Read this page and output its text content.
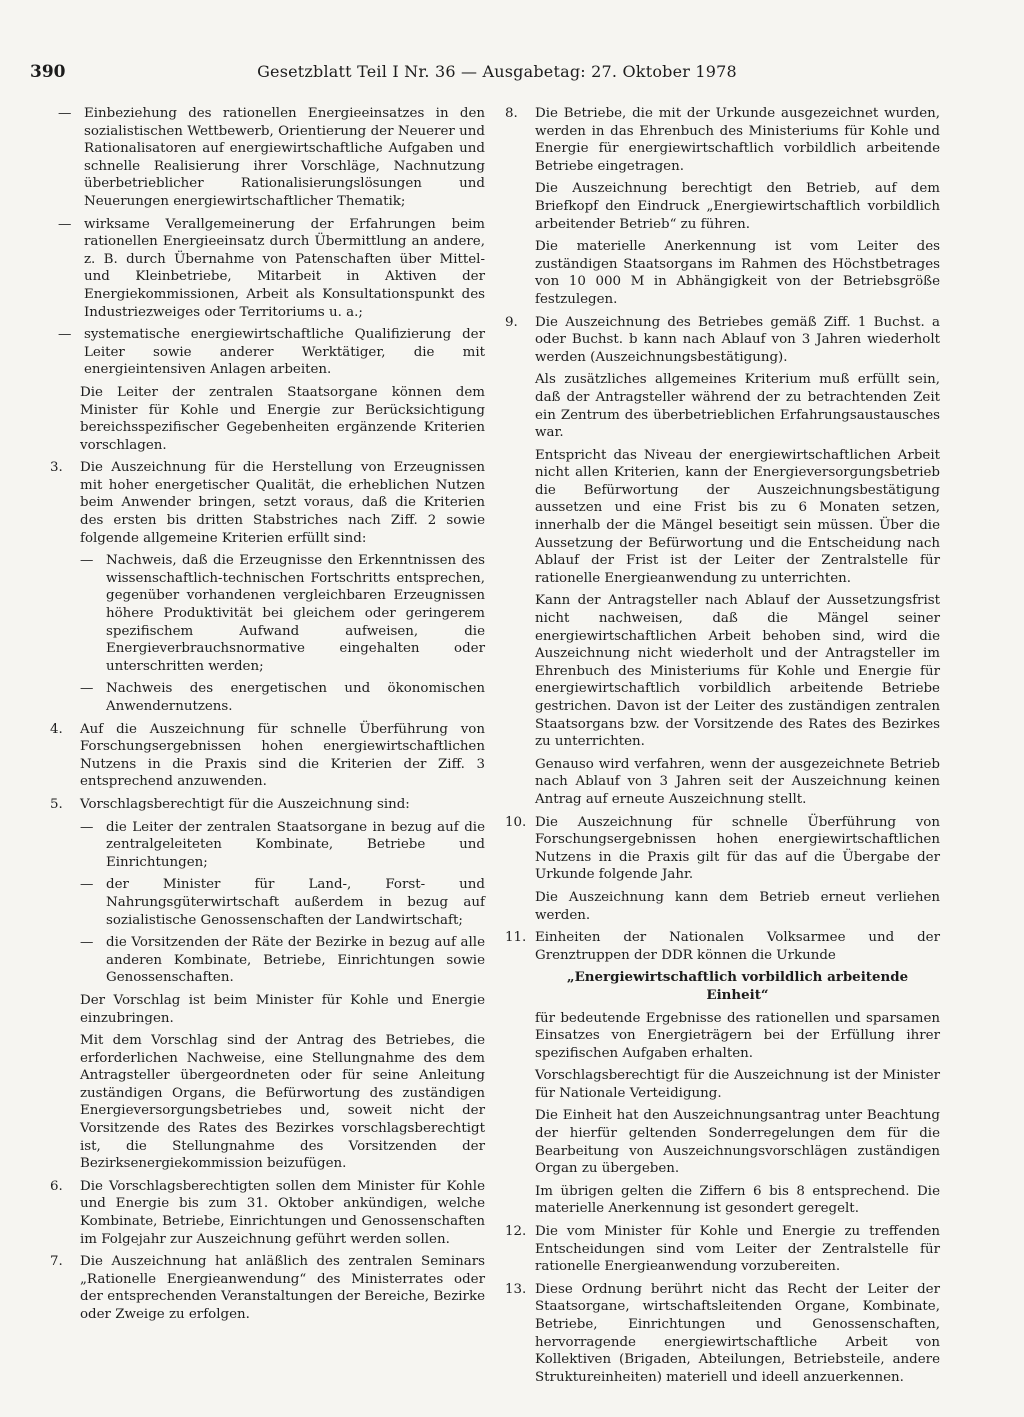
390	Gesetzblatt Teil I Nr. 36 — Ausgabetag: 27. Oktober 1978
— Einbeziehung des rationellen Energieeinsatzes in den sozialistischen Wettbewerb, Orientierung der Neuerer und Rationalisatoren auf energiewirtschaftliche Aufgaben und schnelle Realisierung ihrer Vorschläge, Nachnutzung überbetrieblicher Rationalisierungslösungen und Neuerungen energiewirtschaftlicher Thematik;
— wirksame Verallgemeinerung der Erfahrungen beim rationellen Energieeinsatz durch Übermittlung an andere, z. B. durch Übernahme von Patenschaften über Mittel- und Kleinbetriebe, Mitarbeit in Aktiven der Energiekommissionen, Arbeit als Konsultationspunkt des Industriezweiges oder Territoriums u. a.;
— systematische energiewirtschaftliche Qualifizierung der Leiter sowie anderer Werktätiger, die mit energieintensiven Anlagen arbeiten.
Die Leiter der zentralen Staatsorgane können dem Minister für Kohle und Energie zur Berücksichtigung bereichsspezifischer Gegebenheiten ergänzende Kriterien vorschlagen.
3. Die Auszeichnung für die Herstellung von Erzeugnissen mit hoher energetischer Qualität, die erheblichen Nutzen beim Anwender bringen, setzt voraus, daß die Kriterien des ersten bis dritten Stabstriches nach Ziff. 2 sowie folgende allgemeine Kriterien erfüllt sind:
— Nachweis, daß die Erzeugnisse den Erkenntnissen des wissenschaftlich-technischen Fortschritts entsprechen, gegenüber vorhandenen vergleichbaren Erzeugnissen höhere Produktivität bei gleichem oder geringerem spezifischem Aufwand aufweisen, die Energieverbrauchsnormative eingehalten oder unterschritten werden;
— Nachweis des energetischen und ökonomischen Anwendernutzens.
4. Auf die Auszeichnung für schnelle Überführung von Forschungsergebnissen hohen energiewirtschaftlichen Nutzens in die Praxis sind die Kriterien der Ziff. 3 entsprechend anzuwenden.
5. Vorschlagsberechtigt für die Auszeichnung sind:
— die Leiter der zentralen Staatsorgane in bezug auf die zentralgeleiteten Kombinate, Betriebe und Einrichtungen;
— der Minister für Land-, Forst- und Nahrungsgüterwirtschaft außerdem in bezug auf sozialistische Genossenschaften der Landwirtschaft;
— die Vorsitzenden der Räte der Bezirke in bezug auf alle anderen Kombinate, Betriebe, Einrichtungen sowie Genossenschaften.
Der Vorschlag ist beim Minister für Kohle und Energie einzubringen.
Mit dem Vorschlag sind der Antrag des Betriebes, die erforderlichen Nachweise, eine Stellungnahme des dem Antragsteller übergeordneten oder für seine Anleitung zuständigen Organs, die Befürwortung des zuständigen Energieversorgungsbetriebes und, soweit nicht der Vorsitzende des Rates des Bezirkes vorschlagsberechtigt ist, die Stellungnahme des Vorsitzenden der Bezirksenergiekommission beizufügen.
6. Die Vorschlagsberechtigten sollen dem Minister für Kohle und Energie bis zum 31. Oktober ankündigen, welche Kombinate, Betriebe, Einrichtungen und Genossenschaften im Folgejahr zur Auszeichnung geführt werden sollen.
7. Die Auszeichnung hat anläßlich des zentralen Seminars „Rationelle Energieanwendung“ des Ministerrates oder der entsprechenden Veranstaltungen der Bereiche, Bezirke oder Zweige zu erfolgen.
8. Die Betriebe, die mit der Urkunde ausgezeichnet wurden, werden in das Ehrenbuch des Ministeriums für Kohle und Energie für energiewirtschaftlich vorbildlich arbeitende Betriebe eingetragen.
Die Auszeichnung berechtigt den Betrieb, auf dem Briefkopf den Eindruck „Energiewirtschaftlich vorbildlich arbeitender Betrieb“ zu führen.
Die materielle Anerkennung ist vom Leiter des zuständigen Staatsorgans im Rahmen des Höchstbetrages von 10 000 M in Abhängigkeit von der Betriebsgröße festzulegen.
9. Die Auszeichnung des Betriebes gemäß Ziff. 1 Buchst. a oder Buchst. b kann nach Ablauf von 3 Jahren wiederholt werden (Auszeichnungsbestätigung).
Als zusätzliches allgemeines Kriterium muß erfüllt sein, daß der Antragsteller während der zu betrachtenden Zeit ein Zentrum des überbetrieblichen Erfahrungsaustausches war.
Entspricht das Niveau der energiewirtschaftlichen Arbeit nicht allen Kriterien, kann der Energieversorgungsbetrieb die Befürwortung der Auszeichnungsbestätigung aussetzen und eine Frist bis zu 6 Monaten setzen, innerhalb der die Mängel beseitigt sein müssen. Über die Aussetzung der Befürwortung und die Entscheidung nach Ablauf der Frist ist der Leiter der Zentralstelle für rationelle Energieanwendung zu unterrichten.
Kann der Antragsteller nach Ablauf der Aussetzungsfrist nicht nachweisen, daß die Mängel seiner energiewirtschaftlichen Arbeit behoben sind, wird die Auszeichnung nicht wiederholt und der Antragsteller im Ehrenbuch des Ministeriums für Kohle und Energie für energiewirtschaftlich vorbildlich arbeitende Betriebe gestrichen. Davon ist der Leiter des zuständigen zentralen Staatsorgans bzw. der Vorsitzende des Rates des Bezirkes zu unterrichten.
Genauso wird verfahren, wenn der ausgezeichnete Betrieb nach Ablauf von 3 Jahren seit der Auszeichnung keinen Antrag auf erneute Auszeichnung stellt.
10. Die Auszeichnung für schnelle Überführung von Forschungsergebnissen hohen energiewirtschaftlichen Nutzens in die Praxis gilt für das auf die Übergabe der Urkunde folgende Jahr.
Die Auszeichnung kann dem Betrieb erneut verliehen werden.
11. Einheiten der Nationalen Volksarmee und der Grenztruppen der DDR können die Urkunde
„Energiewirtschaftlich vorbildlich arbeitende Einheit“
für bedeutende Ergebnisse des rationellen und sparsamen Einsatzes von Energieträgern bei der Erfüllung ihrer spezifischen Aufgaben erhalten.
Vorschlagsberechtigt für die Auszeichnung ist der Minister für Nationale Verteidigung.
Die Einheit hat den Auszeichnungsantrag unter Beachtung der hierfür geltenden Sonderregelungen dem für die Bearbeitung von Auszeichnungsvorschlägen zuständigen Organ zu übergeben.
Im übrigen gelten die Ziffern 6 bis 8 entsprechend. Die materielle Anerkennung ist gesondert geregelt.
12. Die vom Minister für Kohle und Energie zu treffenden Entscheidungen sind vom Leiter der Zentralstelle für rationelle Energieanwendung vorzubereiten.
13. Diese Ordnung berührt nicht das Recht der Leiter der Staatsorgane, wirtschaftsleitenden Organe, Kombinate, Betriebe, Einrichtungen und Genossenschaften, hervorragende energiewirtschaftliche Arbeit von Kollektiven (Brigaden, Abteilungen, Betriebsteile, andere Struktureinheiten) materiell und ideell anzuerkennen.
